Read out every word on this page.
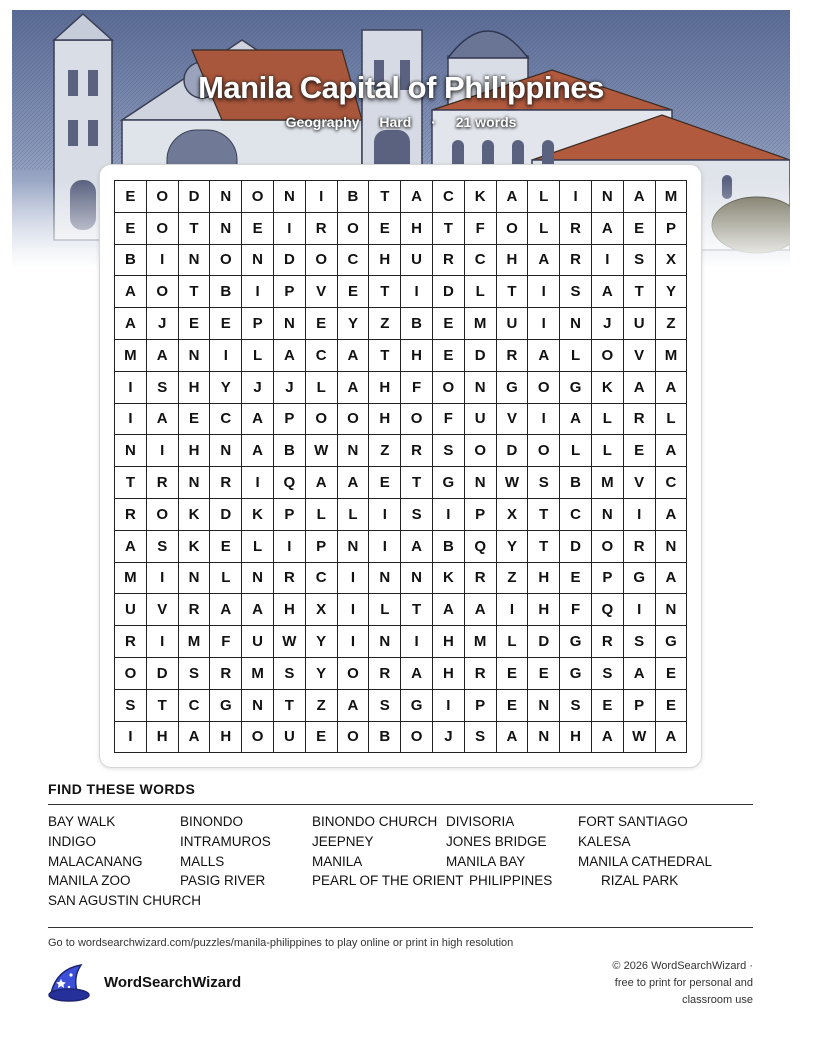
Manila Capital of Philippines
Geography Hard · 21 words
E	O	D	N	O	N	I	B	T	A	C	K	A	L	I	N	A	M
E	O	T	N	E	I	R	O	E	H	T	F	O	L	R	A	E	P
B	I	N	O	N	D	O	C	H	U	R	C	H	A	R	I	S	X
A	O	T	B	I	P	V	E	T	I	D	L	T	I	S	A	T	Y
A	J	E	E	P	N	E	Y	Z	B	E	M	U	I	N	J	U	Z
M	A	N	I	L	A	C	A	T	H	E	D	R	A	L	O	V	M
I	S	H	Y	J	J	L	A	H	F	O	N	G	O	G	K	A	A
I	A	E	C	A	P	O	O	H	O	F	U	V	I	A	L	R	L
N	I	H	N	A	B	W	N	Z	R	S	O	D	O	L	L	E	A
T	R	N	R	I	Q	A	A	E	T	G	N	W	S	B	M	V	C
R	O	K	D	K	P	L	L	I	S	I	P	X	T	C	N	I	A
A	S	K	E	L	I	P	N	I	A	B	Q	Y	T	D	O	R	N
M	I	N	L	N	R	C	I	N	N	K	R	Z	H	E	P	G	A
U	V	R	A	A	H	X	I	L	T	A	A	I	H	F	Q	I	N
R	I	M	F	U	W	Y	I	N	I	H	M	L	D	G	R	S	G
O	D	S	R	M	S	Y	O	R	A	H	R	E	E	G	S	A	E
S	T	C	G	N	T	Z	A	S	G	I	P	E	N	S	E	P	E
I	H	A	H	O	U	E	O	B	O	J	S	A	N	H	A	W	A
FIND THESE WORDS
BAY WALK	BINONDO	BINONDO CHURCH DIVISORIA	FORT SANTIAGO
INDIGO	INTRAMUROS	JEEPNEY	JONES BRIDGE KALESA
MALACANANG	MALLS	MANILA	MANILA BAY	MANILA CATHEDRAL
MANILA ZOO	PASIG RIVER	PEARL OF THE ORIENT PHILIPPINES	RIZAL PARK
SAN AGUSTIN CHURCH
Go to wordsearchwizard.com/puzzles/manila-philippines to play online or print in high resolution
WordSearchWizard
© 2026 WordSearchWizard ·
free to print for personal and
classroom use
